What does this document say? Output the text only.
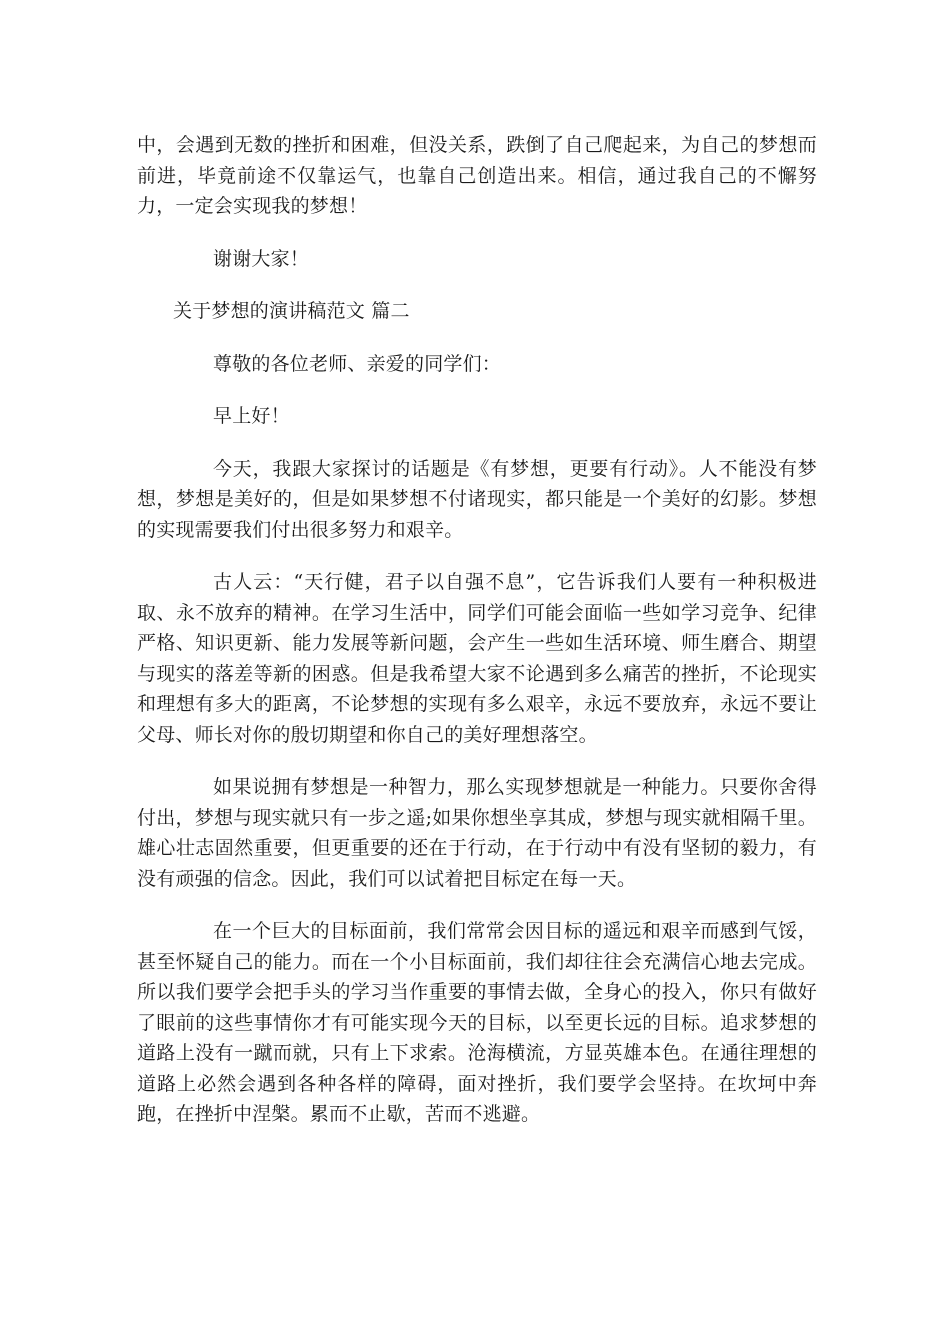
中，会遇到无数的挫折和困难，但没关系，跌倒了自己爬起来，为自己的梦想而前进，毕竟前途不仅靠运气，也靠自己创造出来。相信，通过我自己的不懈努力，一定会实现我的梦想！

谢谢大家！

关于梦想的演讲稿范文 篇二

尊敬的各位老师、亲爱的同学们：

早上好！

今天，我跟大家探讨的话题是《有梦想，更要有行动》。人不能没有梦想，梦想是美好的，但是如果梦想不付诸现实，都只能是一个美好的幻影。梦想的实现需要我们付出很多努力和艰辛。

古人云：“天行健，君子以自强不息”，它告诉我们人要有一种积极进取、永不放弃的精神。在学习生活中，同学们可能会面临一些如学习竞争、纪律严格、知识更新、能力发展等新问题，会产生一些如生活环境、师生磨合、期望与现实的落差等新的困惑。但是我希望大家不论遇到多么痛苦的挫折，不论现实和理想有多大的距离，不论梦想的实现有多么艰辛，永远不要放弃，永远不要让父母、师长对你的殷切期望和你自己的美好理想落空。

如果说拥有梦想是一种智力，那么实现梦想就是一种能力。只要你舍得付出，梦想与现实就只有一步之遥;如果你想坐享其成，梦想与现实就相隔千里。雄心壮志固然重要，但更重要的还在于行动，在于行动中有没有坚韧的毅力，有没有顽强的信念。因此，我们可以试着把目标定在每一天。

在一个巨大的目标面前，我们常常会因目标的遥远和艰辛而感到气馁，甚至怀疑自己的能力。而在一个小目标面前，我们却往往会充满信心地去完成。所以我们要学会把手头的学习当作重要的事情去做，全身心的投入，你只有做好了眼前的这些事情你才有可能实现今天的目标，以至更长远的目标。追求梦想的道路上没有一蹴而就，只有上下求索。沧海横流，方显英雄本色。在通往理想的道路上必然会遇到各种各样的障碍，面对挫折，我们要学会坚持。在坎坷中奔跑，在挫折中涅槃。累而不止歇，苦而不逃避。
